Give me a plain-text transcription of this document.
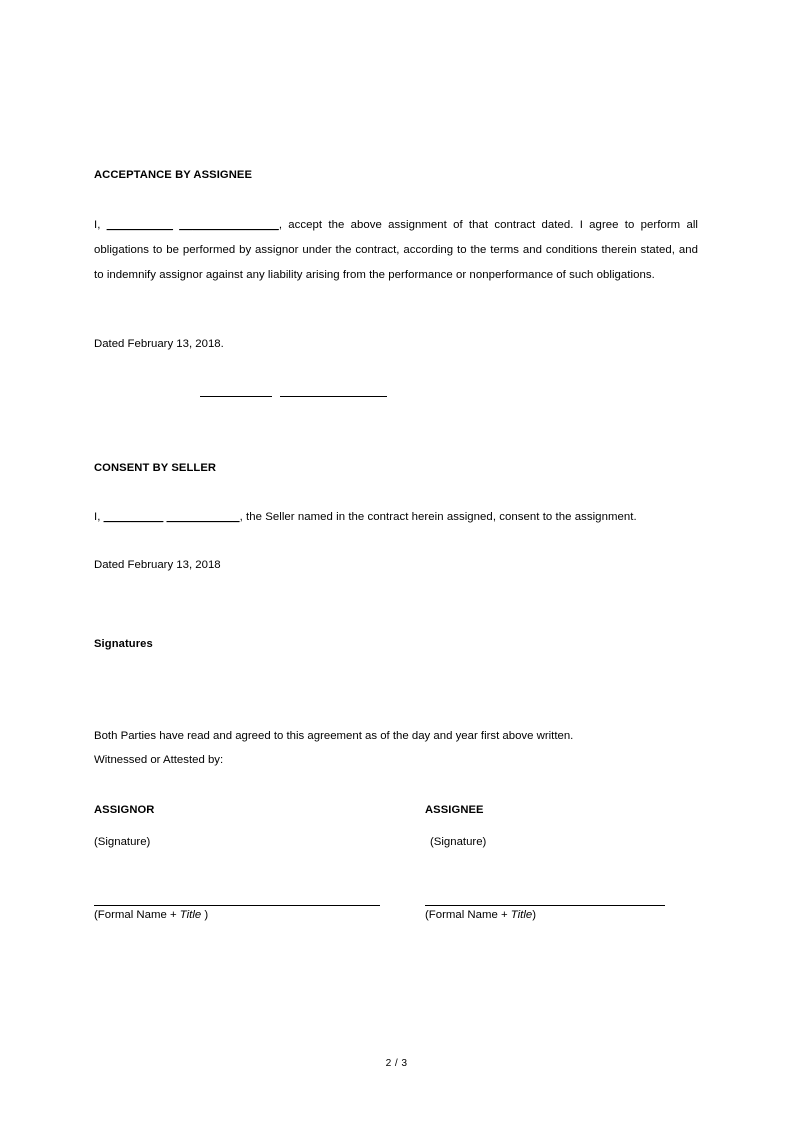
ACCEPTANCE BY ASSIGNEE
I, __________ _______________, accept the above assignment of that contract dated. I agree to perform all obligations to be performed by assignor under the contract, according to the terms and conditions therein stated, and to indemnify assignor against any liability arising from the performance or nonperformance of such obligations.
Dated February 13, 2018.
CONSENT BY SELLER
I, _________ ___________, the Seller named in the contract herein assigned, consent to the assignment.
Dated February 13, 2018
Signatures
Both Parties have read and agreed to this agreement as of the day and year first above written.
Witnessed or Attested by:
ASSIGNOR
(Signature)
(Formal Name + Title )
ASSIGNEE
(Signature)
(Formal Name + Title)
2 / 3
